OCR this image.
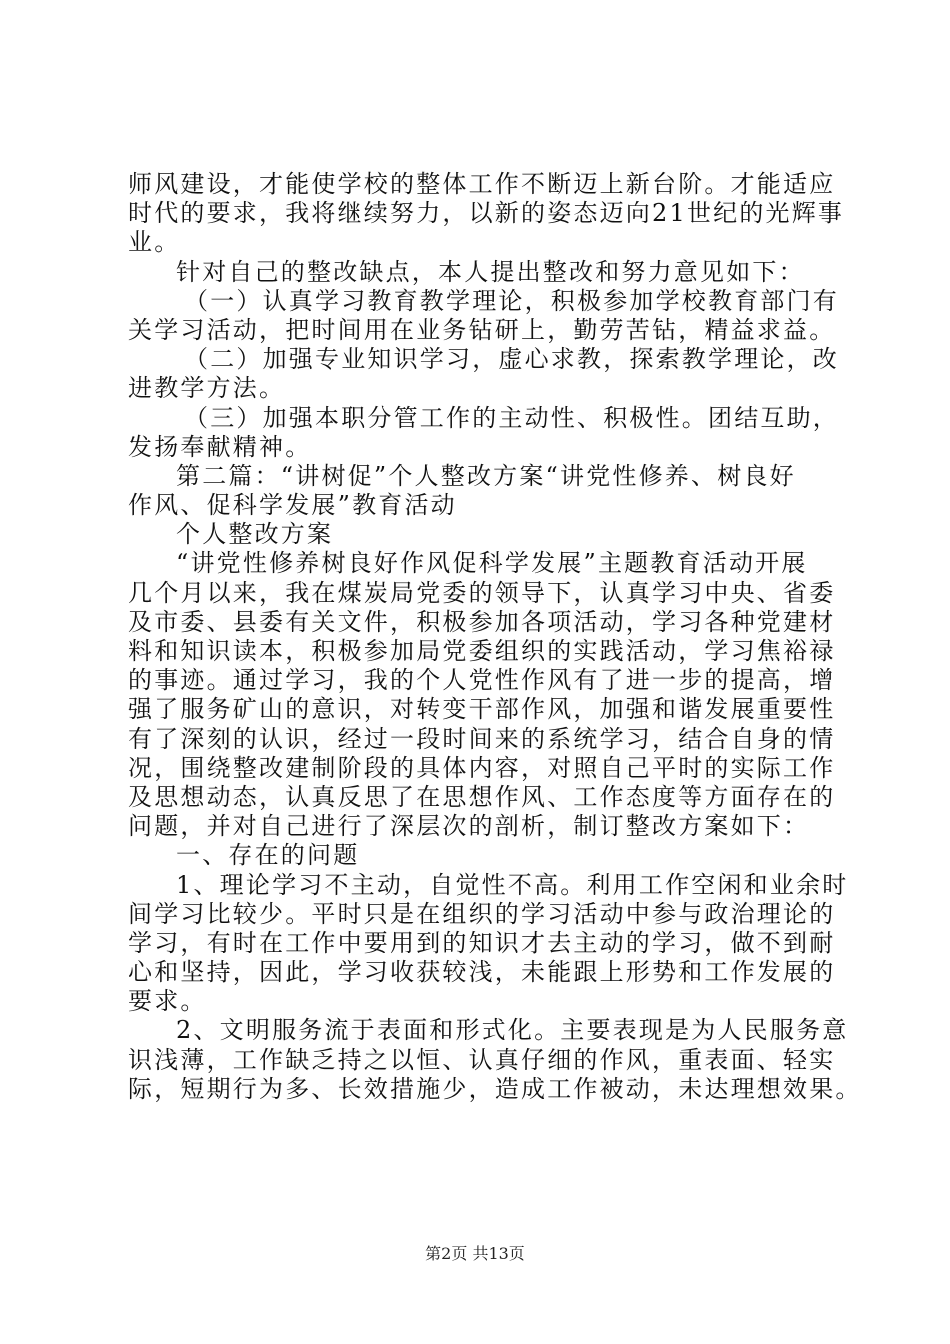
师风建设，才能使学校的整体工作不断迈上新台阶。才能适应
时代的要求，我将继续努力，以新的姿态迈向21世纪的光辉事
业。
针对自己的整改缺点，本人提出整改和努力意见如下：
（一）认真学习教育教学理论，积极参加学校教育部门有
关学习活动，把时间用在业务钻研上，勤劳苦钻，精益求益。
（二）加强专业知识学习，虚心求教，探索教学理论，改
进教学方法。
（三）加强本职分管工作的主动性、积极性。团结互助，
发扬奉献精神。
第二篇：“讲树促”个人整改方案“讲党性修养、树良好
作风、促科学发展”教育活动
个人整改方案
“讲党性修养树良好作风促科学发展”主题教育活动开展
几个月以来，我在煤炭局党委的领导下，认真学习中央、省委
及市委、县委有关文件，积极参加各项活动，学习各种党建材
料和知识读本，积极参加局党委组织的实践活动，学习焦裕禄
的事迹。通过学习，我的个人党性作风有了进一步的提高，增
强了服务矿山的意识，对转变干部作风，加强和谐发展重要性
有了深刻的认识，经过一段时间来的系统学习，结合自身的情
况，围绕整改建制阶段的具体内容，对照自己平时的实际工作
及思想动态，认真反思了在思想作风、工作态度等方面存在的
问题，并对自己进行了深层次的剖析，制订整改方案如下：
一、存在的问题
1、理论学习不主动，自觉性不高。利用工作空闲和业余时
间学习比较少。平时只是在组织的学习活动中参与政治理论的
学习，有时在工作中要用到的知识才去主动的学习，做不到耐
心和坚持，因此，学习收获较浅，未能跟上形势和工作发展的
要求。
2、文明服务流于表面和形式化。主要表现是为人民服务意
识浅薄，工作缺乏持之以恒、认真仔细的作风，重表面、轻实
际，短期行为多、长效措施少，造成工作被动，未达理想效果。
第2页 共13页
